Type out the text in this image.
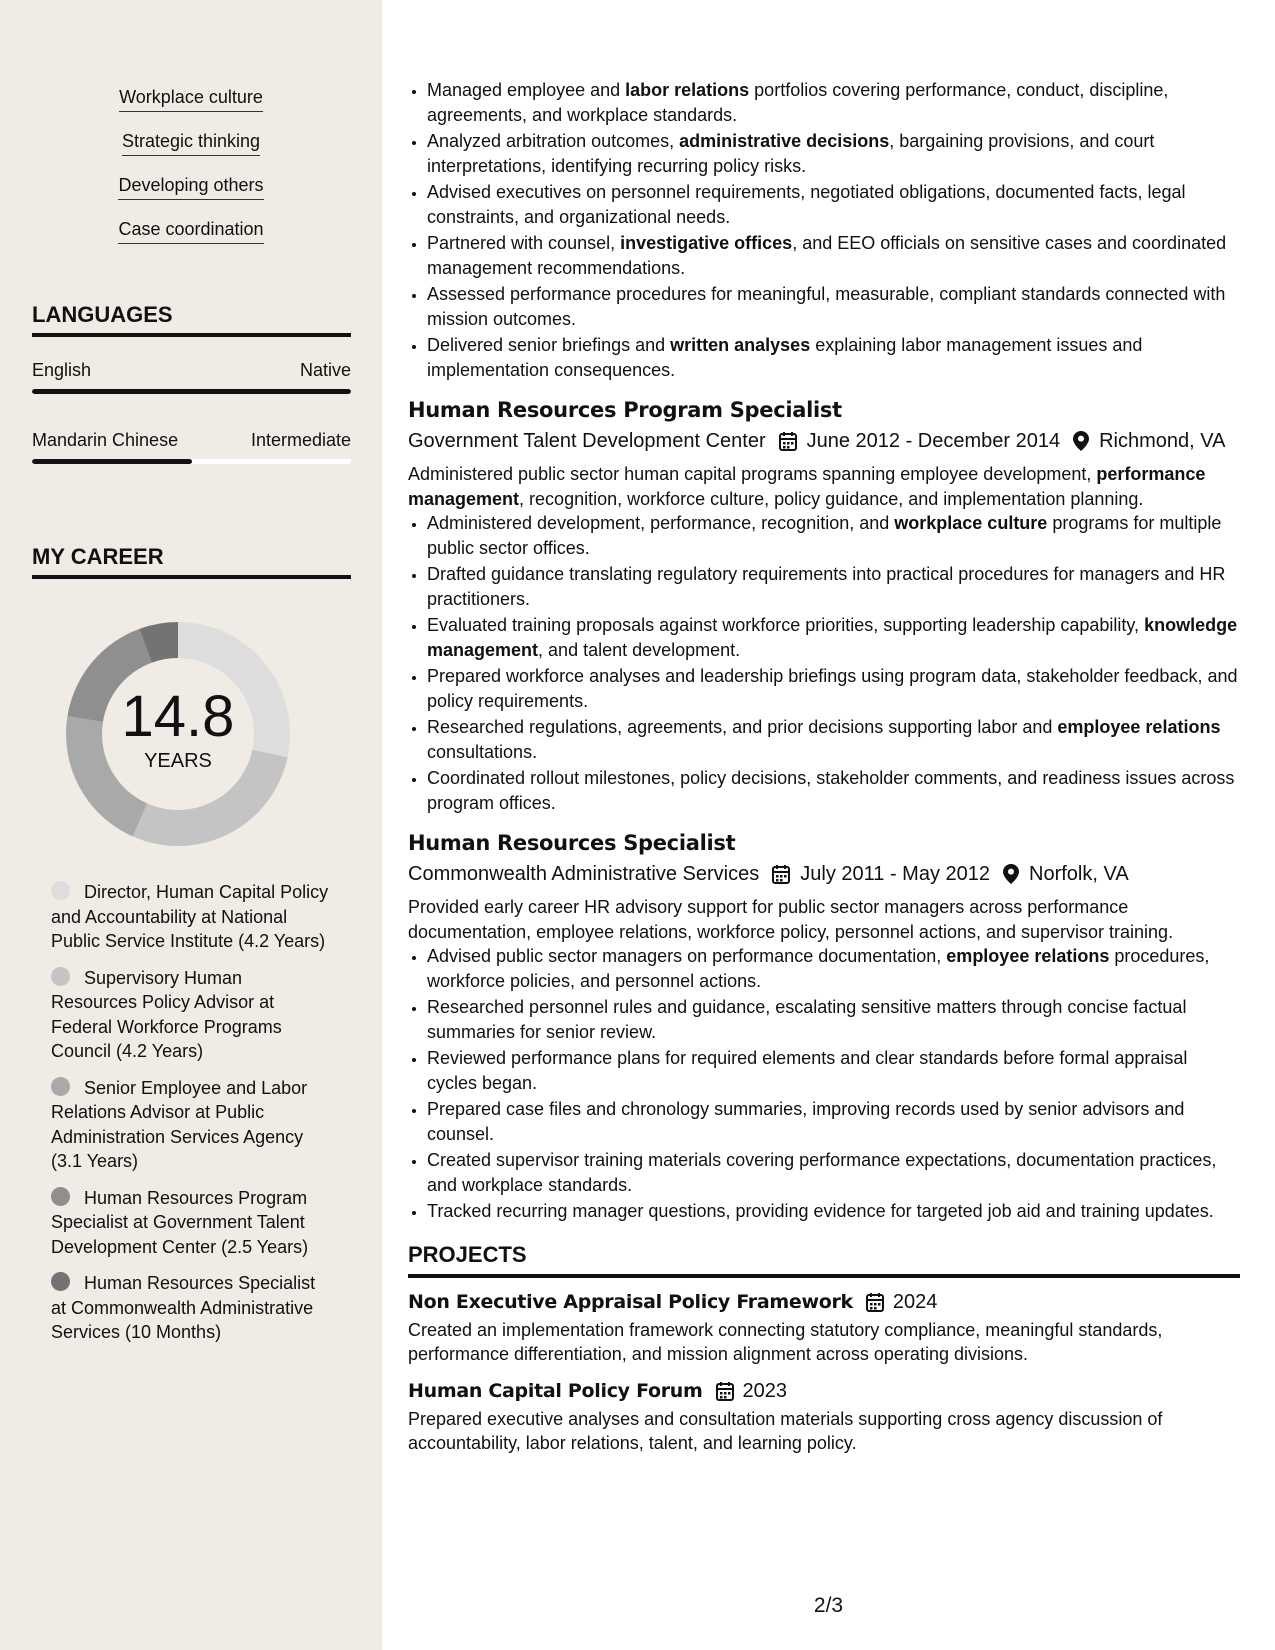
Workplace culture
Strategic thinking
Developing others
Case coordination
LANGUAGES
English	Native
Mandarin Chinese	Intermediate
MY CAREER
14.8
YEARS
Director, Human Capital Policy and Accountability at National Public Service Institute (4.2 Years)
Supervisory Human Resources Policy Advisor at Federal Workforce Programs Council (4.2 Years)
Senior Employee and Labor Relations Advisor at Public Administration Services Agency (3.1 Years)
Human Resources Program Specialist at Government Talent Development Center (2.5 Years)
Human Resources Specialist at Commonwealth Administrative Services (10 Months)
• Managed employee and labor relations portfolios covering performance, conduct, discipline, agreements, and workplace standards.
• Analyzed arbitration outcomes, administrative decisions, bargaining provisions, and court interpretations, identifying recurring policy risks.
• Advised executives on personnel requirements, negotiated obligations, documented facts, legal constraints, and organizational needs.
• Partnered with counsel, investigative offices, and EEO officials on sensitive cases and coordinated management recommendations.
• Assessed performance procedures for meaningful, measurable, compliant standards connected with mission outcomes.
• Delivered senior briefings and written analyses explaining labor management issues and implementation consequences.
Human Resources Program Specialist
Government Talent Development Center June 2012 - December 2014 Richmond, VA
Administered public sector human capital programs spanning employee development, performance management, recognition, workforce culture, policy guidance, and implementation planning.
• Administered development, performance, recognition, and workplace culture programs for multiple public sector offices.
• Drafted guidance translating regulatory requirements into practical procedures for managers and HR practitioners.
• Evaluated training proposals against workforce priorities, supporting leadership capability, knowledge management, and talent development.
• Prepared workforce analyses and leadership briefings using program data, stakeholder feedback, and policy requirements.
• Researched regulations, agreements, and prior decisions supporting labor and employee relations consultations.
• Coordinated rollout milestones, policy decisions, stakeholder comments, and readiness issues across program offices.
Human Resources Specialist
Commonwealth Administrative Services July 2011 - May 2012 Norfolk, VA
Provided early career HR advisory support for public sector managers across performance documentation, employee relations, workforce policy, personnel actions, and supervisor training.
• Advised public sector managers on performance documentation, employee relations procedures, workforce policies, and personnel actions.
• Researched personnel rules and guidance, escalating sensitive matters through concise factual summaries for senior review.
• Reviewed performance plans for required elements and clear standards before formal appraisal cycles began.
• Prepared case files and chronology summaries, improving records used by senior advisors and counsel.
• Created supervisor training materials covering performance expectations, documentation practices, and workplace standards.
• Tracked recurring manager questions, providing evidence for targeted job aid and training updates.
PROJECTS
Non Executive Appraisal Policy Framework 2024
Created an implementation framework connecting statutory compliance, meaningful standards, performance differentiation, and mission alignment across operating divisions.
Human Capital Policy Forum 2023
Prepared executive analyses and consultation materials supporting cross agency discussion of accountability, labor relations, talent, and learning policy.
2/3
